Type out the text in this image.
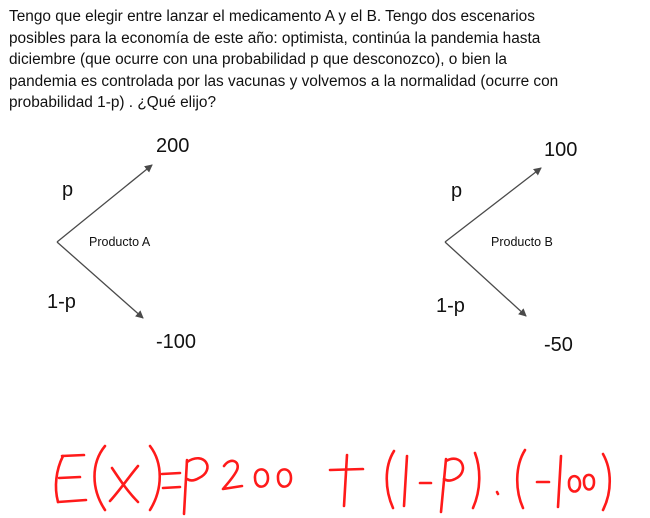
Tengo que elegir entre lanzar el medicamento A y el B. Tengo dos escenarios
posibles para la economía de este año: optimista, continúa la pandemia hasta
diciembre (que ocurre con una probabilidad p que desconozco), o bien la
pandemia es controlada por las vacunas y volvemos a la normalidad (ocurre con
probabilidad 1-p) . ¿Qué elijo?
200
p
Producto A
1-p
-100
100
p
Producto B
1-p
-50
